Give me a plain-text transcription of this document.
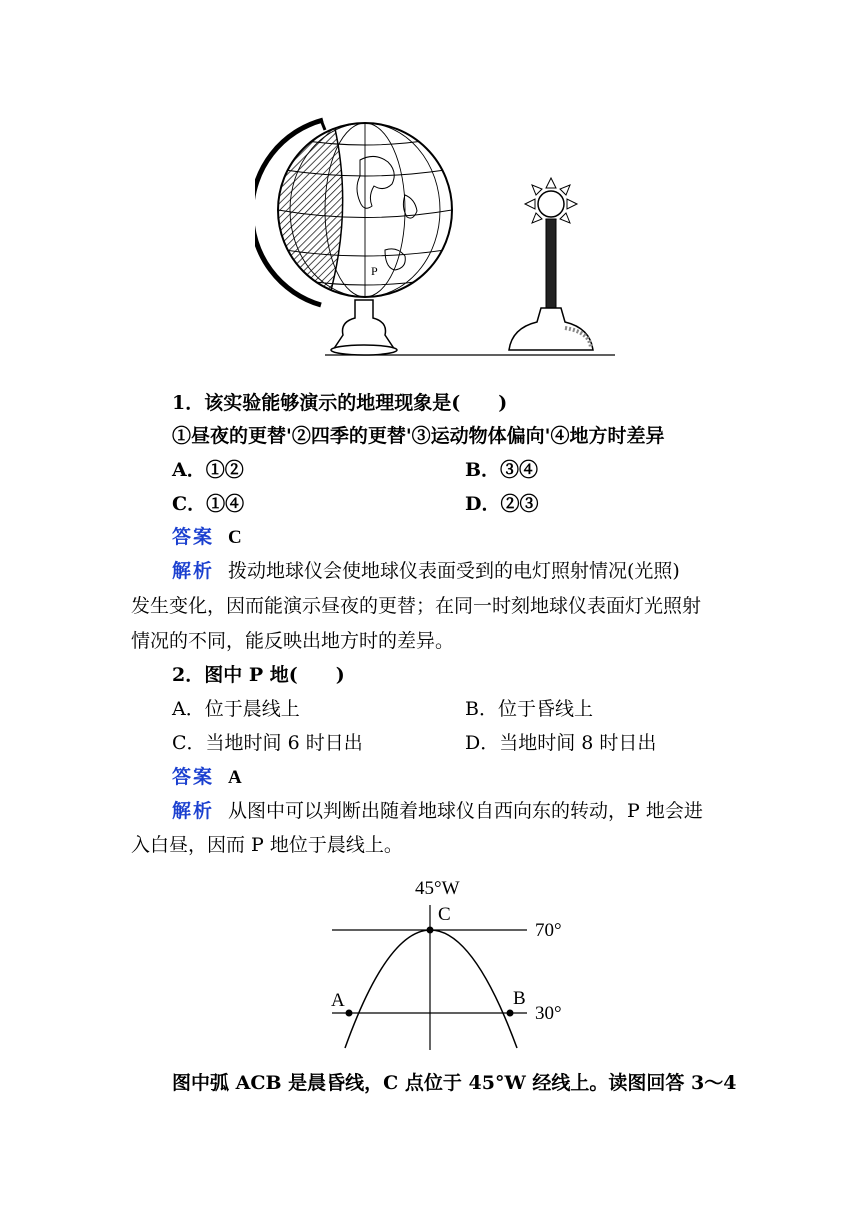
P
1．该实验能够演示的地理现象是(　　)
①昼夜的更替'②四季的更替'③运动物体偏向'④地方时差异
A．①②	B．③④
C．①④	D．②③
答案 C
解析 拨动地球仪会使地球仪表面受到的电灯照射情况(光照)
发生变化，因而能演示昼夜的更替；在同一时刻地球仪表面灯光照射
情况的不同，能反映出地方时的差异。
2．图中 P 地(　　)
A．位于晨线上	B．位于昏线上
C．当地时间 6 时日出	D．当地时间 8 时日出
答案 A
解析 从图中可以判断出随着地球仪自西向东的转动，P 地会进
入白昼，因而 P 地位于晨线上。
45°W
C
A	B
70°
30°
图中弧 ACB 是晨昏线，C 点位于 45°W 经线上。读图回答 3～4
